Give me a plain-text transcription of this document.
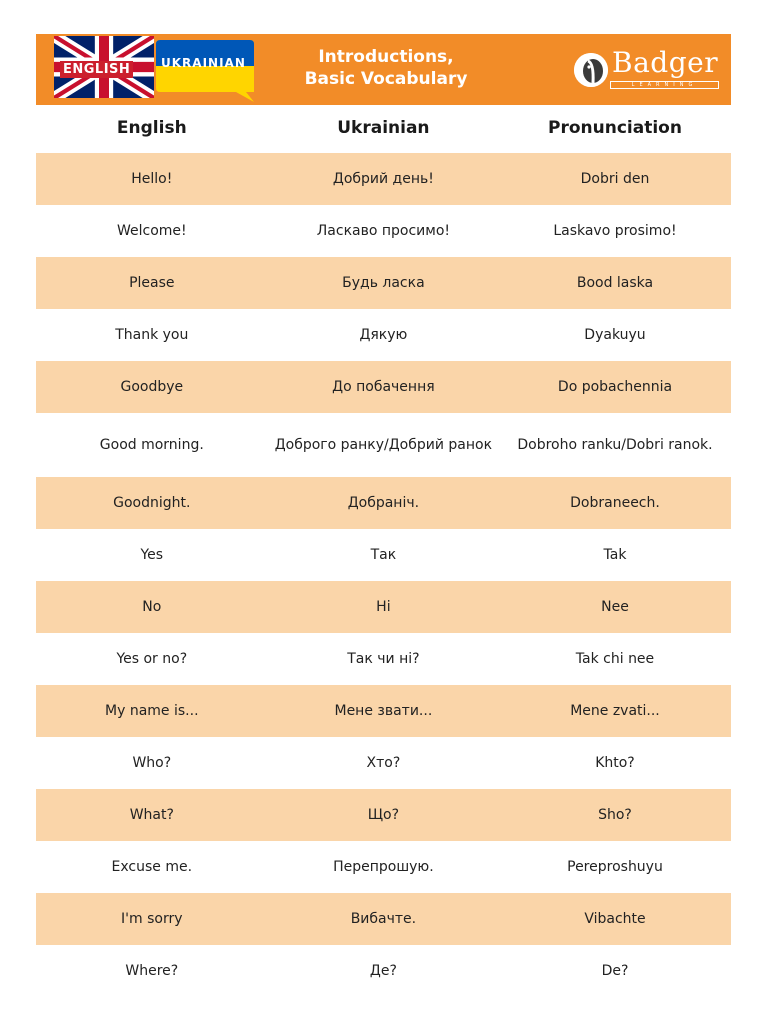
ENGLISH	UKRAINIAN	Introductions,
Basic Vocabulary	Badger
LEARNING
English	Ukrainian	Pronunciation
Hello!	Добрий день!	Dobri den
Welcome!	Ласкаво просимо!	Laskavo prosimo!
Please	Будь ласка	Bood laska
Thank you	Дякую	Dyakuyu
Goodbye	До побачення	Do pobachennia
Good morning.	Доброго ранку/Добрий ранок	Dobroho ranku/Dobri ranok.
Goodnight.	Добраніч.	Dobraneech.
Yes	Так	Tak
No	Ні	Nee
Yes or no?	Так чи ні?	Tak chi nee
My name is...	Мене звати...	Mene zvati...
Who?	Хто?	Khto?
What?	Що?	Sho?
Excuse me.	Перепрошую.	Pereproshuyu
I'm sorry	Вибачте.	Vibachte
Where?	Де?	De?
